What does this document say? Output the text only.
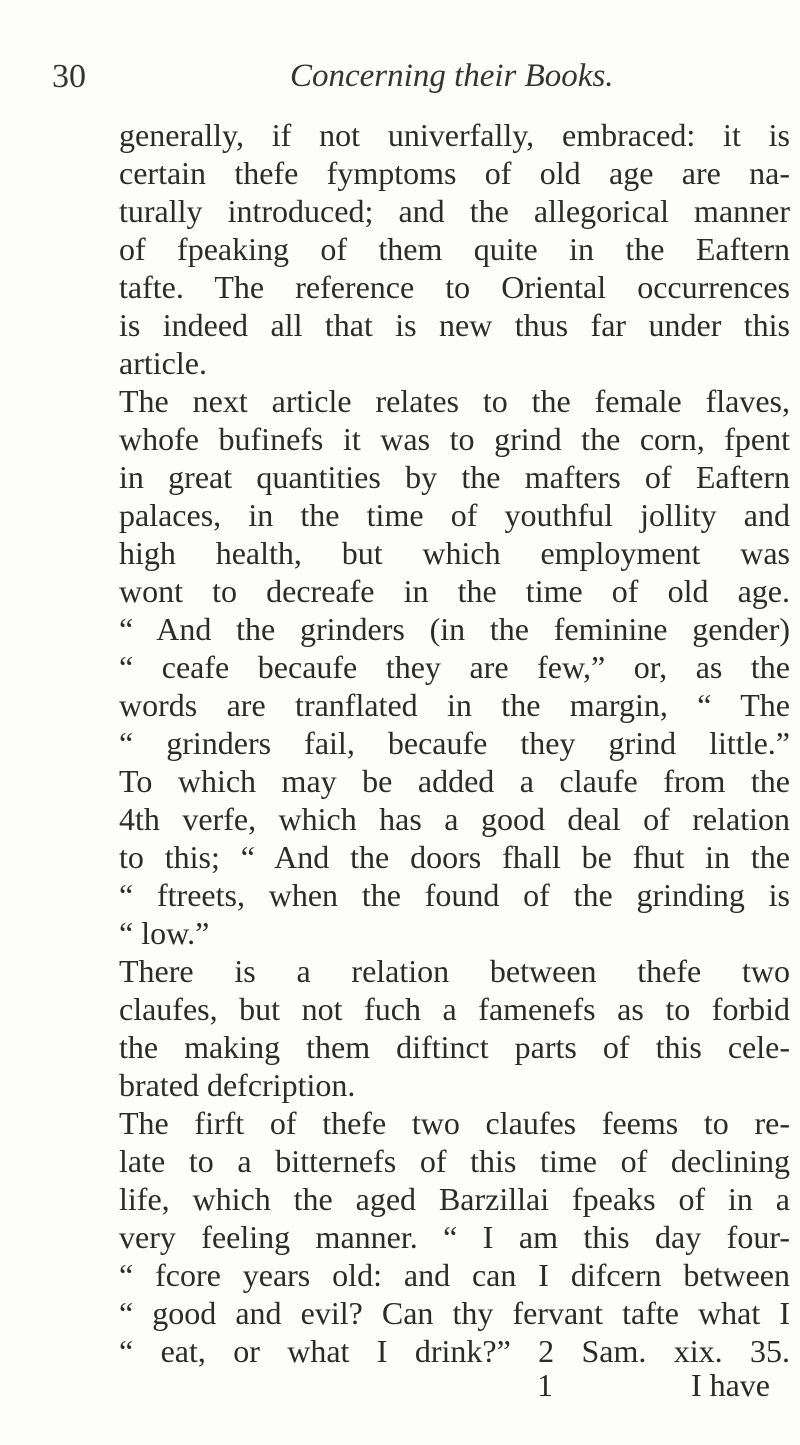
30	Concerning their Books.
generally, if not univerfally, embraced: it is
certain thefe fymptoms of old age are na-
turally introduced; and the allegorical manner
of fpeaking of them quite in the Eaftern
tafte. The reference to Oriental occurrences
is indeed all that is new thus far under this
article.
The next article relates to the female flaves,
whofe bufinefs it was to grind the corn, fpent
in great quantities by the mafters of Eaftern
palaces, in the time of youthful jollity and
high health, but which employment was
wont to decreafe in the time of old age.
“ And the grinders (in the feminine gender)
“ ceafe becaufe they are few,” or, as the
words are tranflated in the margin, “ The
“ grinders fail, becaufe they grind little.”
To which may be added a claufe from the
4th verfe, which has a good deal of relation
to this; “ And the doors fhall be fhut in the
“ ftreets, when the found of the grinding is
“ low.”
There is a relation between thefe two
claufes, but not fuch a famenefs as to forbid
the making them diftinct parts of this cele-
brated defcription.
The firft of thefe two claufes feems to re-
late to a bitternefs of this time of declining
life, which the aged Barzillai fpeaks of in a
very feeling manner. “ I am this day four-
“ fcore years old: and can I difcern between
“ good and evil? Can thy fervant tafte what I
“ eat, or what I drink?” 2 Sam. xix. 35.
1	I have
